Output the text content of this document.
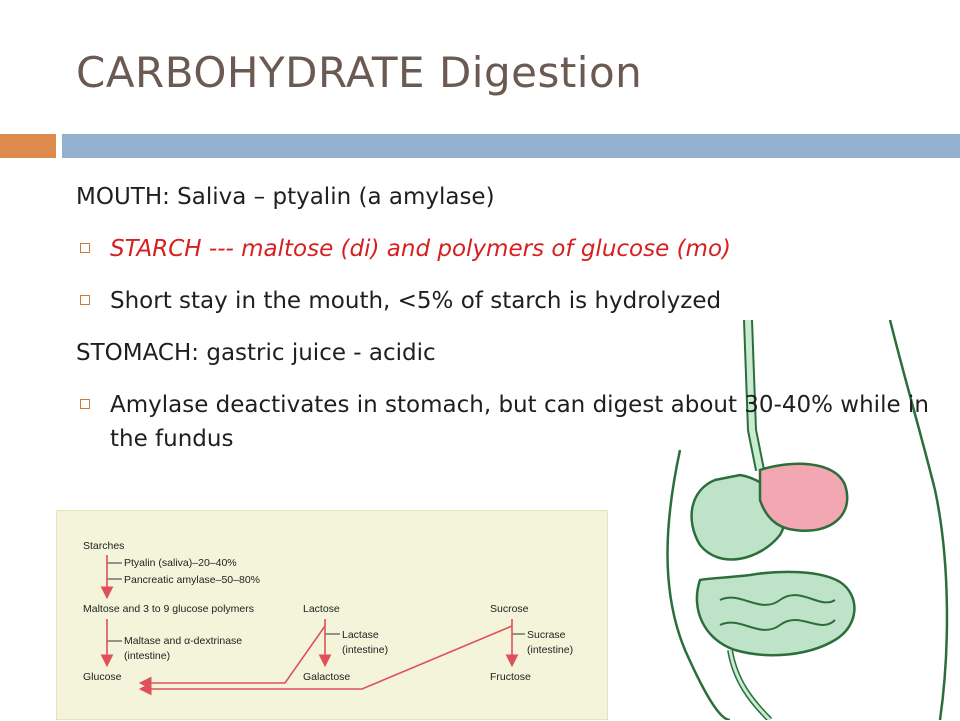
CARBOHYDRATE Digestion
MOUTH: Saliva – ptyalin (a amylase)
STARCH --- maltose (di) and polymers of glucose (mo)
Short stay in the mouth, <5% of starch is hydrolyzed
STOMACH: gastric juice - acidic
Amylase deactivates in stomach, but can digest about 30-40% while in the fundus
Starches
Ptyalin (saliva)–20–40%
Pancreatic amylase–50–80%
Maltose and 3 to 9 glucose polymers	Lactose	Sucrose
Maltase and α-dextrinase
(intestine)
Lactase
(intestine)
Sucrase
(intestine)
Glucose	Galactose	Fructose
